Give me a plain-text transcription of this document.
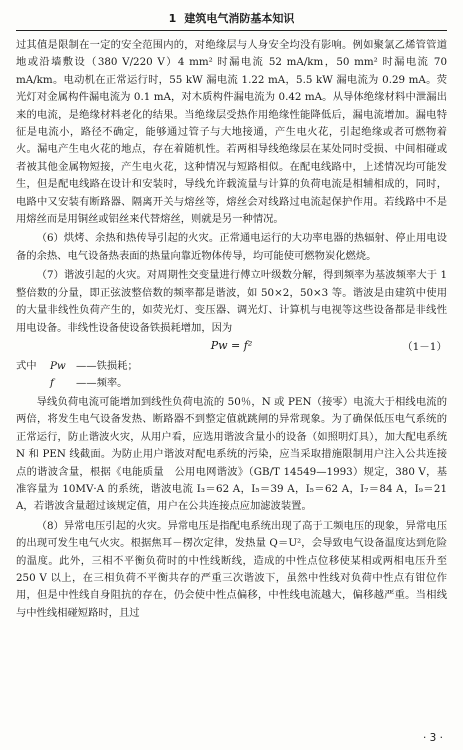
1 建筑电气消防基本知识

过其值是限制在一定的安全范围内的，对绝缘层与人身安全均没有影响。例如聚氯乙烯管管道地或沿墙敷设（380 V/220 V）4 mm² 时漏电流 52 mA/km，50 mm² 时漏电流 70 mA/km。电动机在正常运行时，55 kW 漏电流 1.22 mA，5.5 kW 漏电流为 0.29 mA。荧光灯对金属构件漏电流为 0.1 mA，对木质构件漏电流为 0.42 mA。从导体绝缘材料中泄漏出来的电流，是绝缘材料老化的结果。当绝缘层受热作用绝缘性能降低后，漏电流增加。漏电特征是电流小，路径不确定，能够通过管子与大地接通，产生电火花，引起绝缘或者可燃物着火。漏电产生电火花的地点，存在着随机性。若两相导线绝缘层在某处同时受损、中间相碰或者被其他金属物短接，产生电火花，这种情况与短路相似。在配电线路中，上述情况均可能发生，但是配电线路在设计和安装时，导线允许载流量与计算的负荷电流是相辅相成的，同时，电路中又安装有断路器、隔离开关与熔丝等，熔丝会对线路过电流起保护作用。若线路中不是用熔丝而是用铜丝或铝丝来代替熔丝，则就是另一种情况。

（6）烘烤、余热和热传导引起的火灾。正常通电运行的大功率电器的热辐射、停止用电设备的余热、电气设备热表面的热量向靠近物体传导，均可能使可燃物炭化燃烧。

（7）谐波引起的火灾。对周期性交变量进行傅立叶级数分解，得到频率为基波频率大于 1 整倍数的分量，即正弦波整倍数的频率都是谐波，如 50×2，50×3 等。谐波是由建筑中使用的大量非线性负荷产生的，如荧光灯、变压器、调光灯、计算机与电视等这些设备都是非线性用电设备。非线性设备使设备铁损耗增加，因为

Pw = f²	（1－1）
式中	Pw ——铁损耗；
f	——频率。

导线负荷电流可能增加到线性负荷电流的 50％，N 或 PEN（接零）电流大于相线电流的两倍，将发生电气设备发热、断路器不到整定值就跳闸的异常现象。为了确保低压电气系统的正常运行，防止谐波火灾，从用户看，应选用谐波含量小的设备（如照明灯具），加大配电系统 N 和 PEN 线截面。为防止用户谐波对配电系统的污染，应当采取措施限制用户注入公共连接点的谐波含量，根据《电能质量　公用电网谐波》（GB/T 14549—1993）规定，380 V，基准容量为 10MV·A 的系统，谐波电流 I₃＝62 A，I₅＝39 A，I₅＝62 A，I₇＝84 A，I₉＝21 A，若谐波含量超过该规定值，用户在公共连接点应加滤波装置。

（8）异常电压引起的火灾。异常电压是指配电系统出现了高于工频电压的现象，异常电压的出现可发生电气火灾。根据焦耳－楞次定律，发热量 Q＝U²，会导致电气设备温度达到危险的温度。此外，三相不平衡负荷时的中性线断线，造成的中性点位移使某相或两相电压升至 250 V 以上，在三相负荷不平衡共存的严重三次谐波下，虽然中性线对负荷中性点有钳位作用，但是中性线自身阻抗的存在，仍会使中性点偏移，中性线电流越大，偏移越严重。当相线与中性线相碰短路时，且过

· 3 ·
